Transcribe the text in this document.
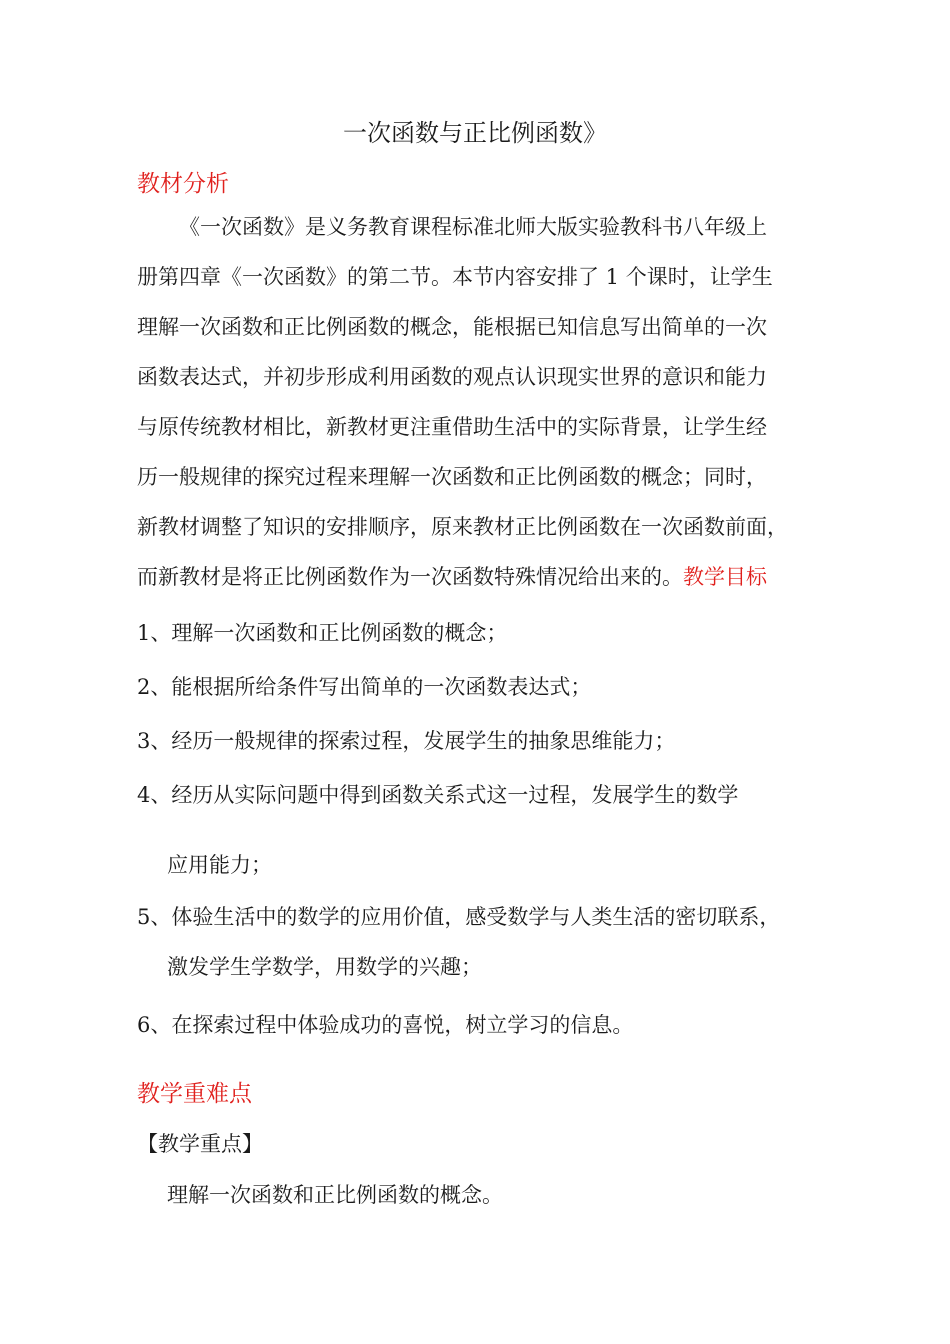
一次函数与正比例函数》
教材分析
《一次函数》是义务教育课程标准北师大版实验教科书八年级上
册第四章《一次函数》的第二节。本节内容安排了 1 个课时，让学生
理解一次函数和正比例函数的概念，能根据已知信息写出简单的一次
函数表达式，并初步形成利用函数的观点认识现实世界的意识和能力
与原传统教材相比，新教材更注重借助生活中的实际背景，让学生经
历一般规律的探究过程来理解一次函数和正比例函数的概念；同时，
新教材调整了知识的安排顺序，原来教材正比例函数在一次函数前面，
而新教材是将正比例函数作为一次函数特殊情况给出来的。教学目标
1、理解一次函数和正比例函数的概念；
2、能根据所给条件写出简单的一次函数表达式；
3、经历一般规律的探索过程，发展学生的抽象思维能力；
4、经历从实际问题中得到函数关系式这一过程，发展学生的数学
应用能力；
5、体验生活中的数学的应用价值，感受数学与人类生活的密切联系，
激发学生学数学，用数学的兴趣；
6、在探索过程中体验成功的喜悦，树立学习的信息。
教学重难点
【教学重点】
理解一次函数和正比例函数的概念。
